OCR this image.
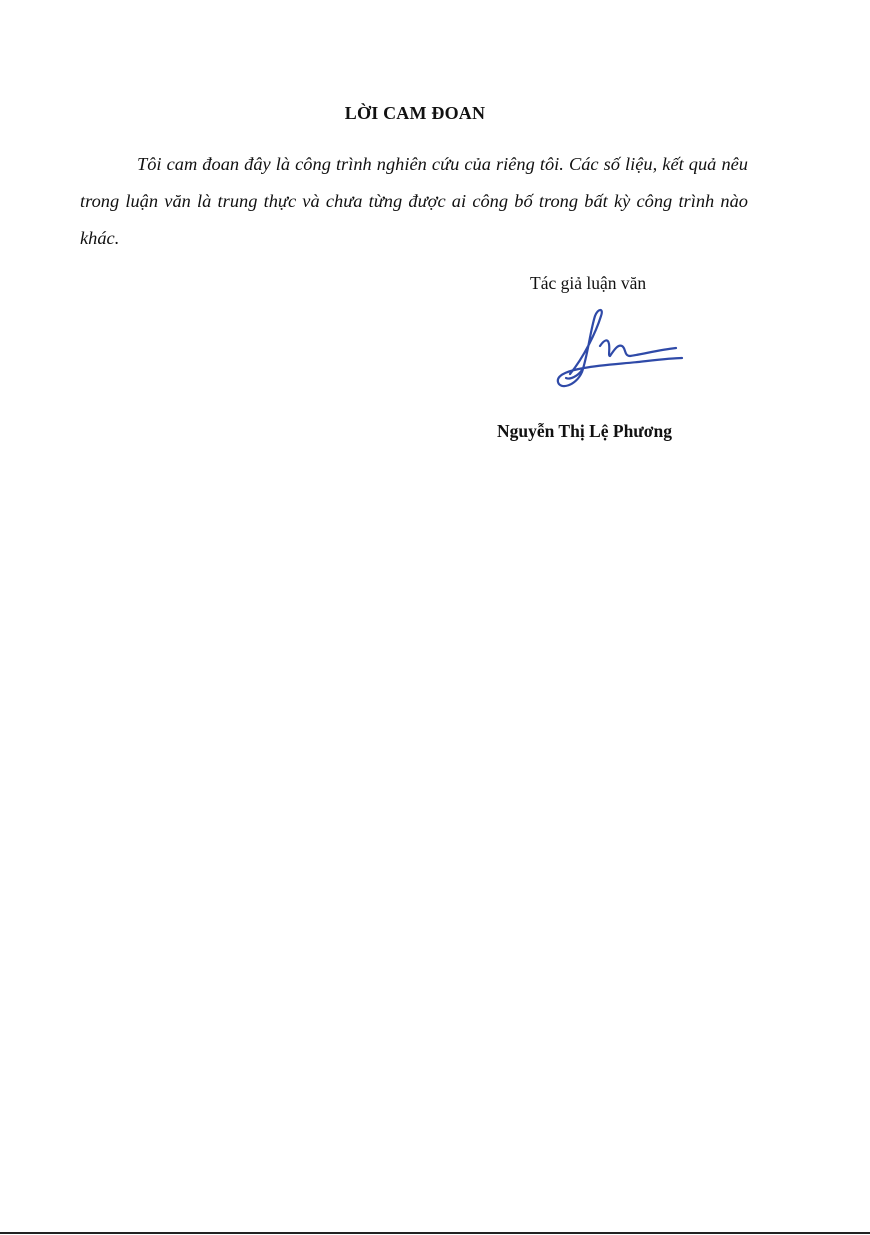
LỜI CAM ĐOAN

Tôi cam đoan đây là công trình nghiên cứu của riêng tôi. Các số liệu, kết quả nêu trong luận văn là trung thực và chưa từng được ai công bố trong bất kỳ công trình nào khác.

Tác giả luận văn

Nguyễn Thị Lệ Phương
